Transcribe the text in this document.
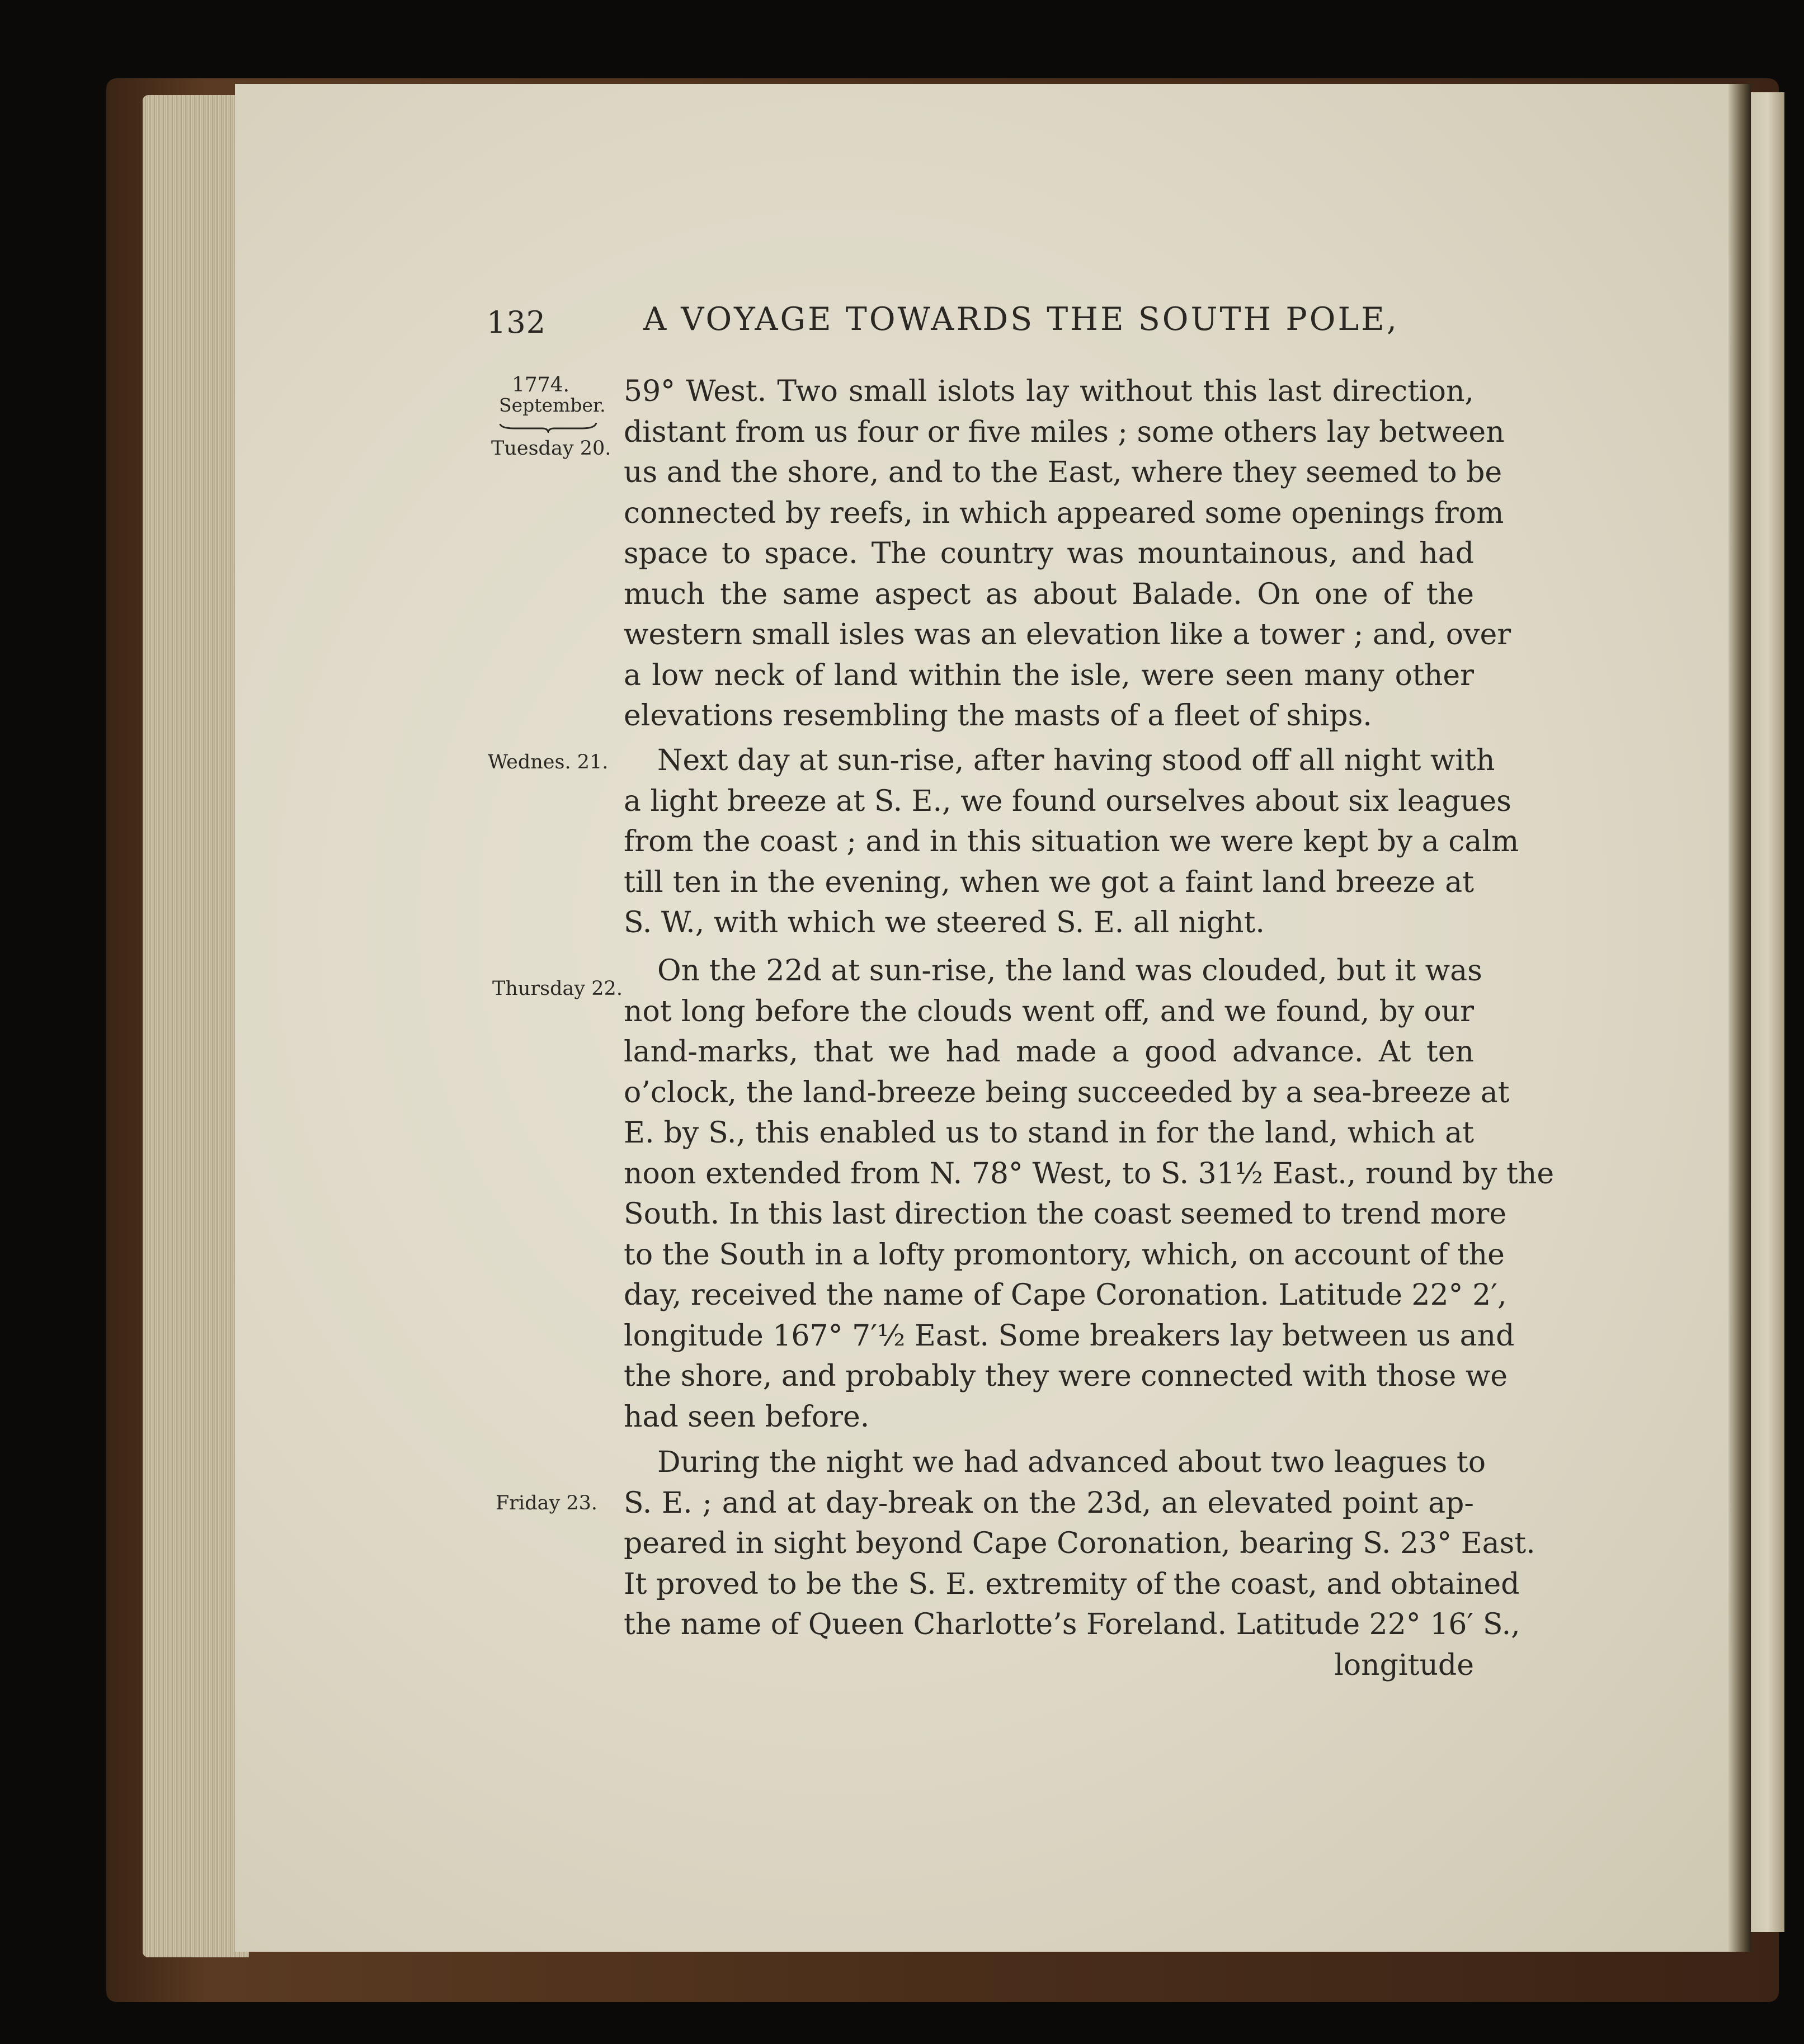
132	A VOYAGE TOWARDS THE SOUTH POLE,
1774.
September.
Tuesday 20.
Wednes. 21.
Thursday 22.
Friday 23.
59° West. Two small islots lay without this last direction,
distant from us four or five miles ; some others lay between
us and the shore, and to the East, where they seemed to be
connected by reefs, in which appeared some openings from
space to space. The country was mountainous, and had
much the same aspect as about Balade. On one of the
western small isles was an elevation like a tower ; and, over
a low neck of land within the isle, were seen many other
elevations resembling the masts of a fleet of ships.
Next day at sun-rise, after having stood off all night with
a light breeze at S. E., we found ourselves about six leagues
from the coast ; and in this situation we were kept by a calm
till ten in the evening, when we got a faint land breeze at
S. W., with which we steered S. E. all night.
On the 22d at sun-rise, the land was clouded, but it was
not long before the clouds went off, and we found, by our
land-marks, that we had made a good advance. At ten
o’clock, the land-breeze being succeeded by a sea-breeze at
E. by S., this enabled us to stand in for the land, which at
noon extended from N. 78° West, to S. 31½ East., round by the
South. In this last direction the coast seemed to trend more
to the South in a lofty promontory, which, on account of the
day, received the name of Cape Coronation. Latitude 22° 2′,
longitude 167° 7′½ East. Some breakers lay between us and
the shore, and probably they were connected with those we
had seen before.
During the night we had advanced about two leagues to
S. E. ; and at day-break on the 23d, an elevated point ap-
peared in sight beyond Cape Coronation, bearing S. 23° East.
It proved to be the S. E. extremity of the coast, and obtained
the name of Queen Charlotte’s Foreland. Latitude 22° 16′ S.,
longitude
